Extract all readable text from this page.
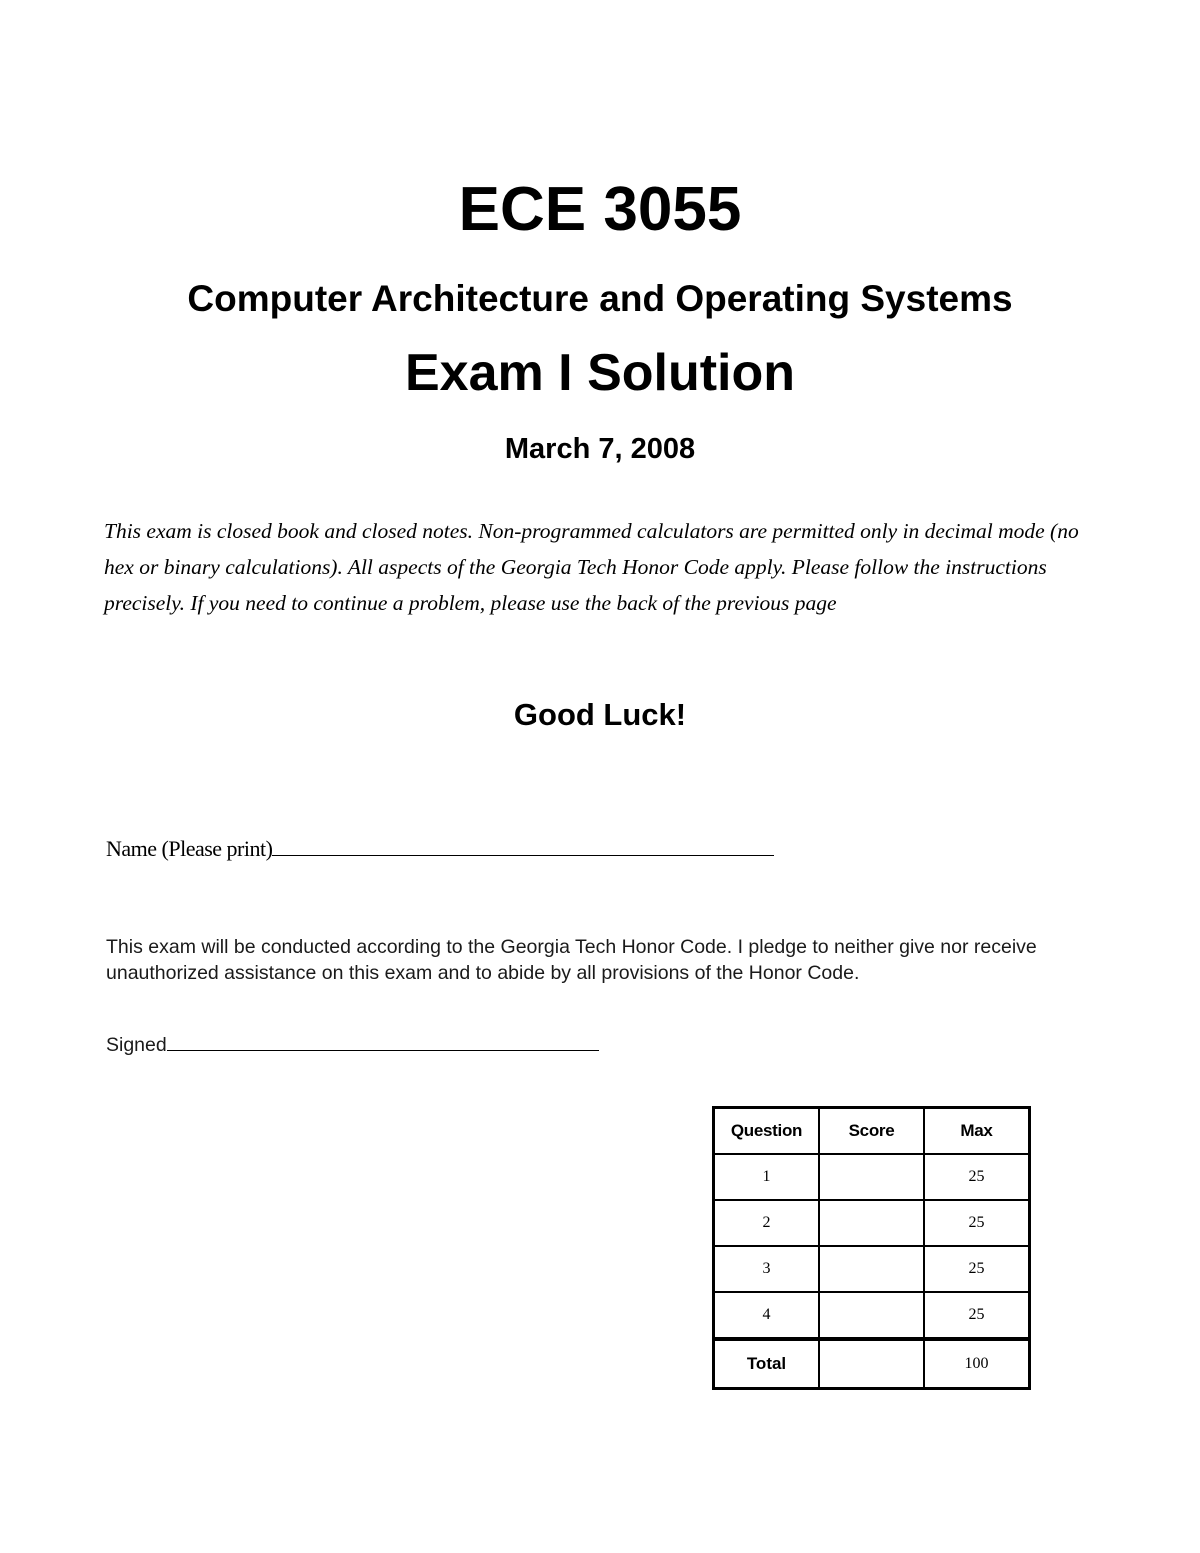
ECE 3055
Computer Architecture and Operating Systems
Exam I Solution
March 7, 2008

This exam is closed book and closed notes. Non-programmed calculators are permitted only in decimal mode (no hex or binary calculations). All aspects of the Georgia Tech Honor Code apply. Please follow the instructions precisely. If you need to continue a problem, please use the back of the previous page

Good Luck!
Name (Please print)

This exam will be conducted according to the Georgia Tech Honor Code. I pledge to neither give nor receive unauthorized assistance on this exam and to abide by all provisions of the Honor Code.

Signed
Question	Score	Max
1		25
2		25
3		25
4		25
Total		100
